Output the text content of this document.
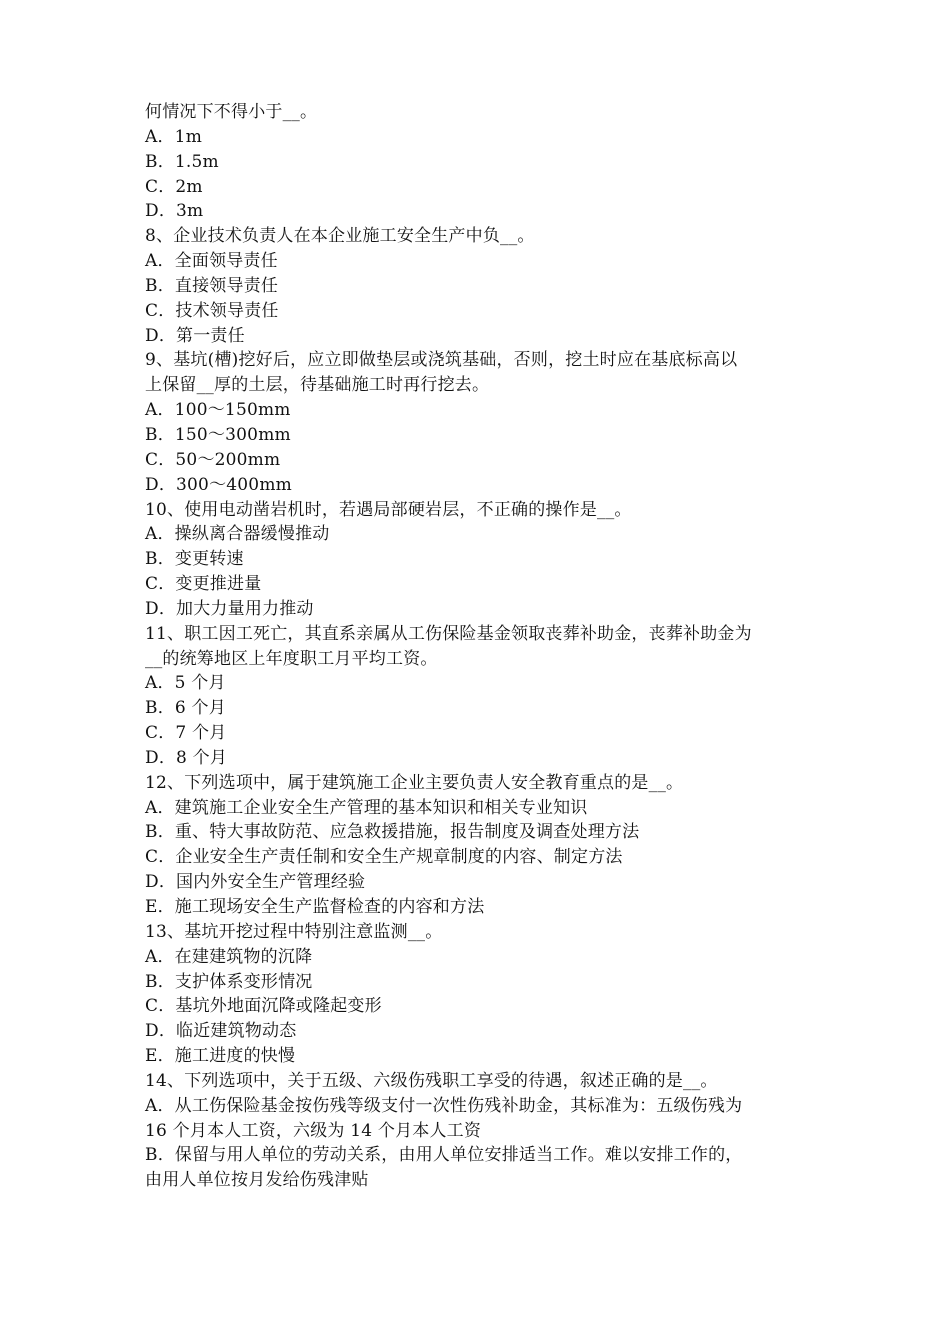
何情况下不得小于__。
A．1m
B．1.5m
C．2m
D．3m
8、企业技术负责人在本企业施工安全生产中负__。
A．全面领导责任
B．直接领导责任
C．技术领导责任
D．第一责任
9、基坑(槽)挖好后，应立即做垫层或浇筑基础，否则，挖土时应在基底标高以
上保留__厚的土层，待基础施工时再行挖去。
A．100～150mm
B．150～300mm
C．50～200mm
D．300～400mm
10、使用电动凿岩机时，若遇局部硬岩层，不正确的操作是__。
A．操纵离合器缓慢推动
B．变更转速
C．变更推进量
D．加大力量用力推动
11、职工因工死亡，其直系亲属从工伤保险基金领取丧葬补助金，丧葬补助金为
__的统筹地区上年度职工月平均工资。
A．5 个月
B．6 个月
C．7 个月
D．8 个月
12、下列选项中，属于建筑施工企业主要负责人安全教育重点的是__。
A．建筑施工企业安全生产管理的基本知识和相关专业知识
B．重、特大事故防范、应急救援措施，报告制度及调查处理方法
C．企业安全生产责任制和安全生产规章制度的内容、制定方法
D．国内外安全生产管理经验
E．施工现场安全生产监督检查的内容和方法
13、基坑开挖过程中特别注意监测__。
A．在建建筑物的沉降
B．支护体系变形情况
C．基坑外地面沉降或隆起变形
D．临近建筑物动态
E．施工进度的快慢
14、下列选项中，关于五级、六级伤残职工享受的待遇，叙述正确的是__。
A．从工伤保险基金按伤残等级支付一次性伤残补助金，其标准为：五级伤残为
16 个月本人工资，六级为 14 个月本人工资
B．保留与用人单位的劳动关系，由用人单位安排适当工作。难以安排工作的，
由用人单位按月发给伤残津贴
